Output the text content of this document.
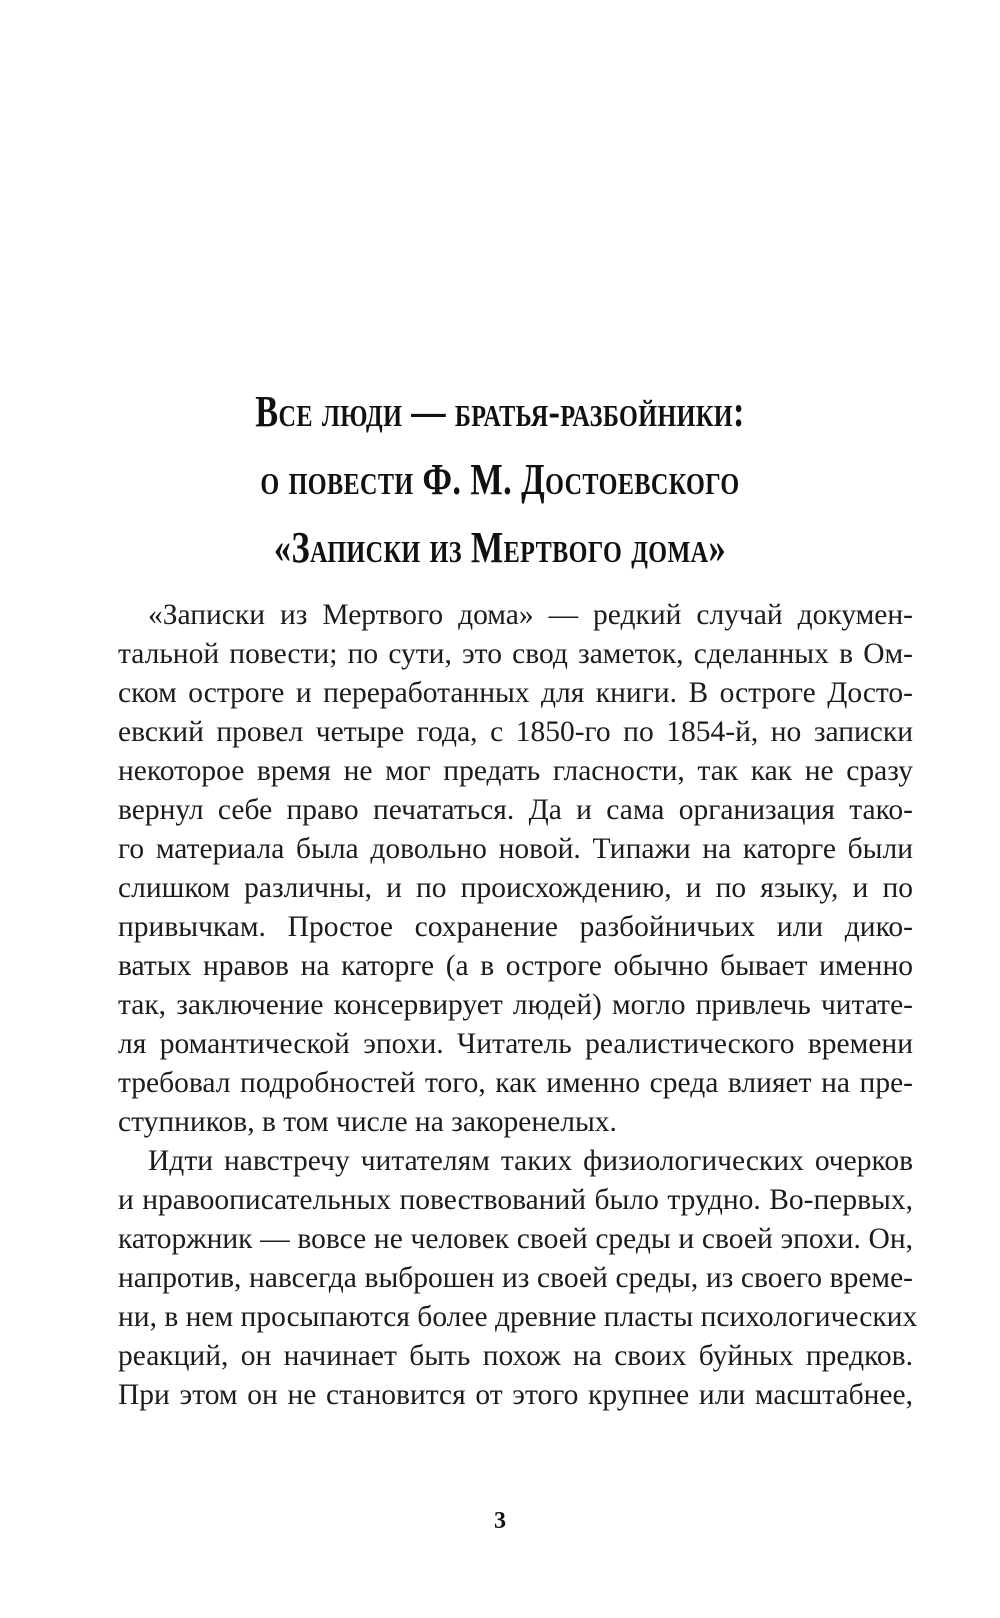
Все люди — братья-разбойники:
о повести Ф. М. Достоевского
«Записки из Мертвого дома»
«Записки из Мертвого дома» — редкий случай докумен-
тальной повести; по сути, это свод заметок, сделанных в Ом-
ском остроге и переработанных для книги. В остроге Досто-
евский провел четыре года, с 1850-го по 1854-й, но записки
некоторое время не мог предать гласности, так как не сразу
вернул себе право печататься. Да и сама организация тако-
го материала была довольно новой. Типажи на каторге были
слишком различны, и по происхождению, и по языку, и по
привычкам. Простое сохранение разбойничьих или дико-
ватых нравов на каторге (а в остроге обычно бывает именно
так, заключение консервирует людей) могло привлечь читате-
ля романтической эпохи. Читатель реалистического времени
требовал подробностей того, как именно среда влияет на пре-
ступников, в том числе на закоренелых.
Идти навстречу читателям таких физиологических очерков
и нравоописательных повествований было трудно. Во-первых,
каторжник — вовсе не человек своей среды и своей эпохи. Он,
напротив, навсегда выброшен из своей среды, из своего време-
ни, в нем просыпаются более древние пласты психологических
реакций, он начинает быть похож на своих буйных предков.
При этом он не становится от этого крупнее или масштабнее,
3
